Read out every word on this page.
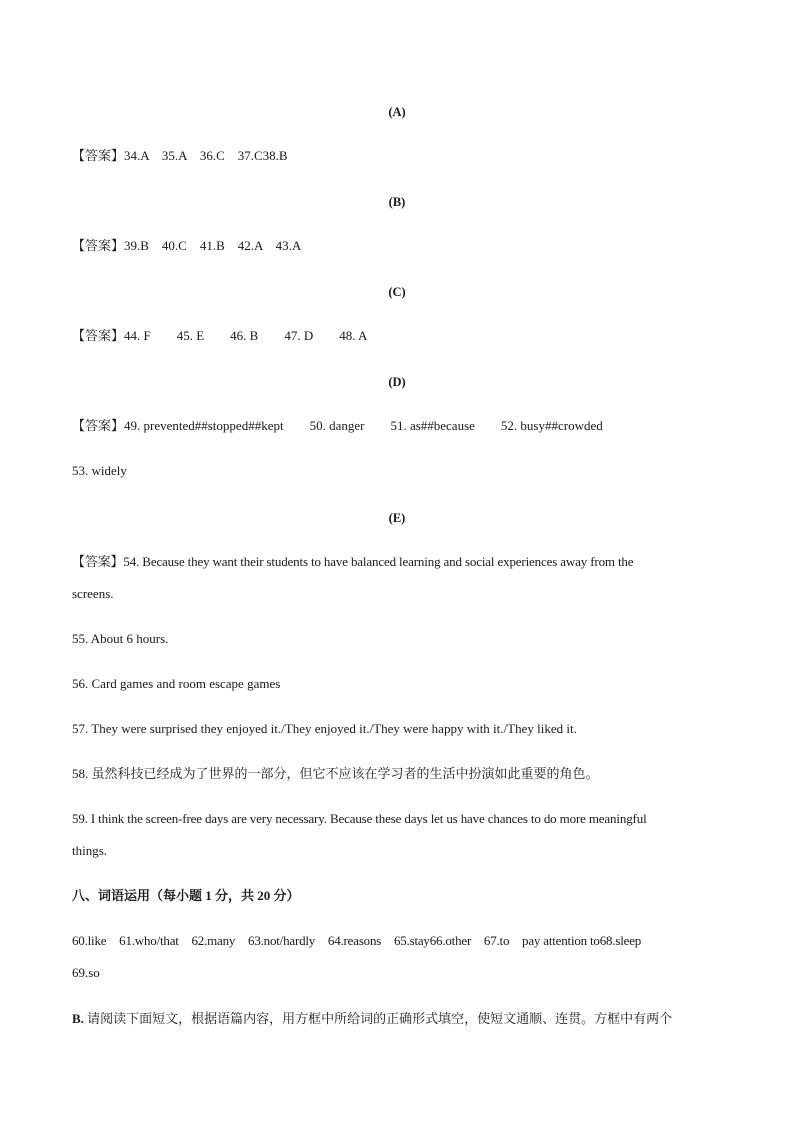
(A)
【答案】34.A　35.A　36.C　37.C38.B
(B)
【答案】39.B　40.C　41.B　42.A　43.A
(C)
【答案】44. F　　45. E　　46. B　　47. D　　48. A
(D)
【答案】49. prevented##stopped##kept　　50. danger　　51. as##because　　52. busy##crowded
53. widely
(E)
【答案】54. Because they want their students to have balanced learning and social experiences away from the
screens.
55. About 6 hours.
56. Card games and room escape games
57. They were surprised they enjoyed it./They enjoyed it./They were happy with it./They liked it.
58. 虽然科技已经成为了世界的一部分，但它不应该在学习者的生活中扮演如此重要的角色。
59. I think the screen-free days are very necessary. Because these days let us have chances to do more meaningful
things.
八、词语运用（每小题 1 分，共 20 分）
60.like　61.who/that　62.many　63.not/hardly　64.reasons　65.stay66.other　67.to　pay attention to68.sleep
69.so
B. 请阅读下面短文，根据语篇内容，用方框中所给词的正确形式填空，使短文通顺、连贯。方框中有两个
